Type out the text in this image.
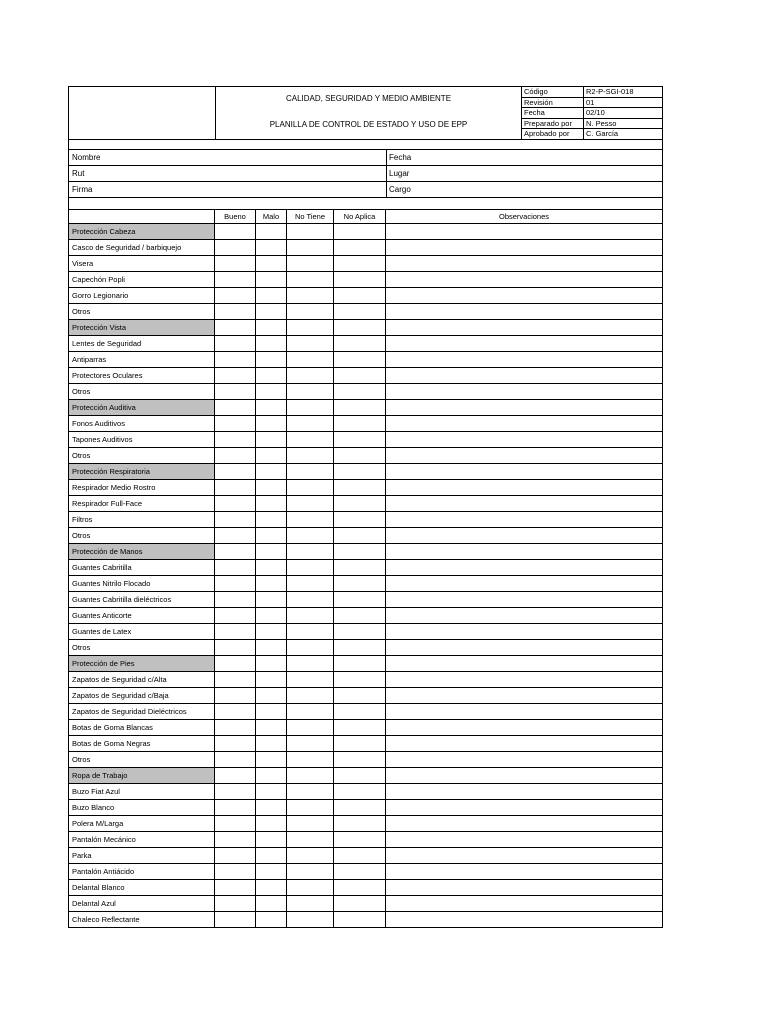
CALIDAD, SEGURIDAD Y MEDIO AMBIENTE
PLANILLA DE CONTROL DE ESTADO Y USO DE EPP
Código	R2-P-SGI-018
Revisión	01
Fecha	02/10
Preparado por	N. Pesso
Aprobado por	C. García
Nombre	Fecha
Rut	Lugar
Firma	Cargo
Bueno	Malo	No Tiene	No Aplica	Observaciones
Protección Cabeza
Casco de Seguridad / barbiquejo
Visera
Capechón Popli
Gorro Legionario
Otros
Protección Vista
Lentes de Seguridad
Antiparras
Protectores Oculares
Otros
Protección Auditiva
Fonos Auditivos
Tapones Auditivos
Otros
Protección Respiratoria
Respirador Medio Rostro
Respirador Full-Face
Filtros
Otros
Protección de Manos
Guantes Cabritilla
Guantes Nitrilo Flocado
Guantes Cabritilla dieléctricos
Guantes Anticorte
Guantes de Latex
Otros
Protección de Pies
Zapatos de Seguridad c/Alta
Zapatos de Seguridad c/Baja
Zapatos de Seguridad Dieléctricos
Botas de Goma Blancas
Botas de Goma Negras
Otros
Ropa de Trabajo
Buzo Fiat Azul
Buzo Blanco
Polera M/Larga
Pantalón Mecánico
Parka
Pantalón Antiácido
Delantal Blanco
Delantal Azul
Chaleco Reflectante
